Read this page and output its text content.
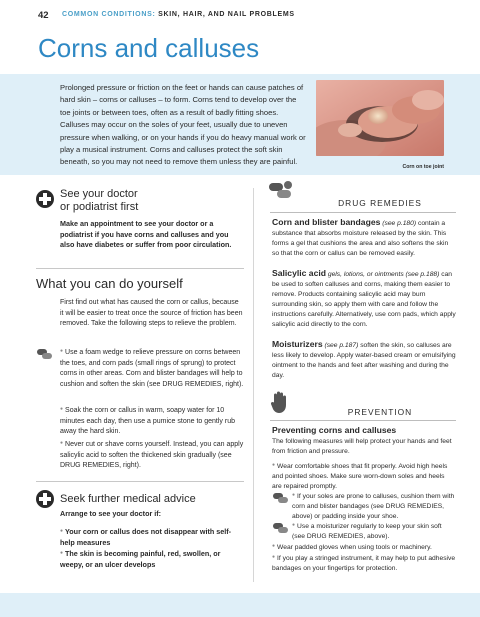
42 COMMON CONDITIONS: SKIN, HAIR, AND NAIL PROBLEMS
Corns and calluses
Prolonged pressure or friction on the feet or hands can cause patches of hard skin – corns or calluses – to form. Corns tend to develop over the toe joints or between toes, often as a result of badly fitting shoes. Calluses may occur on the soles of your feet, usually due to uneven pressure when walking, or on your hands if you do heavy manual work or play a musical instrument. Corns and calluses protect the soft skin beneath, so you may not need to remove them unless they are painful.
Corn on toe joint
See your doctor
or podiatrist first
Make an appointment to see your doctor or a podiatrist if you have corns and calluses and you also have diabetes or suffer from poor circulation.
What you can do yourself
First find out what has caused the corn or callus, because it will be easier to treat once the source of friction has been removed. Take the following steps to relieve the problem.
● Use a foam wedge to relieve pressure on corns between the toes, and corn pads (small rings of sprung) to protect corns in other areas. Corn and blister bandages will help to cushion and soften the skin (see DRUG REMEDIES, right).
● Soak the corn or callus in warm, soapy water for 10 minutes each day, then use a pumice stone to gently rub away the hard skin.
● Never cut or shave corns yourself. Instead, you can apply salicylic acid to soften the thickened skin gradually (see DRUG REMEDIES, right).
Seek further medical advice
Arrange to see your doctor if:
● Your corn or callus does not disappear with self-help measures
● The skin is becoming painful, red, swollen, or weepy, or an ulcer develops
DRUG REMEDIES
Corn and blister bandages (see p.180) contain a substance that absorbs moisture released by the skin. This forms a gel that cushions the area and also softens the skin so that the corn or callus can be removed easily.
Salicylic acid gels, lotions, or ointments (see p.188) can be used to soften calluses and corns, making them easier to remove. Products containing salicylic acid may burn surrounding skin, so apply them with care and follow the instructions carefully. Alternatively, use corn pads, which apply salicylic acid directly to the corn.
Moisturizers (see p.187) soften the skin, so calluses are less likely to develop. Apply water-based cream or emulsifying ointment to the hands and feet after washing and during the day.
PREVENTION
Preventing corns and calluses
The following measures will help protect your hands and feet from friction and pressure.
● Wear comfortable shoes that fit properly. Avoid high heels and pointed shoes. Make sure worn-down soles and heels are repaired promptly.
● If your soles are prone to calluses, cushion them with corn and blister bandages (see DRUG REMEDIES, above) or padding inside your shoe.
● Use a moisturizer regularly to keep your skin soft (see DRUG REMEDIES, above).
● Wear padded gloves when using tools or machinery.
● If you play a stringed instrument, it may help to put adhesive bandages on your fingertips for protection.
